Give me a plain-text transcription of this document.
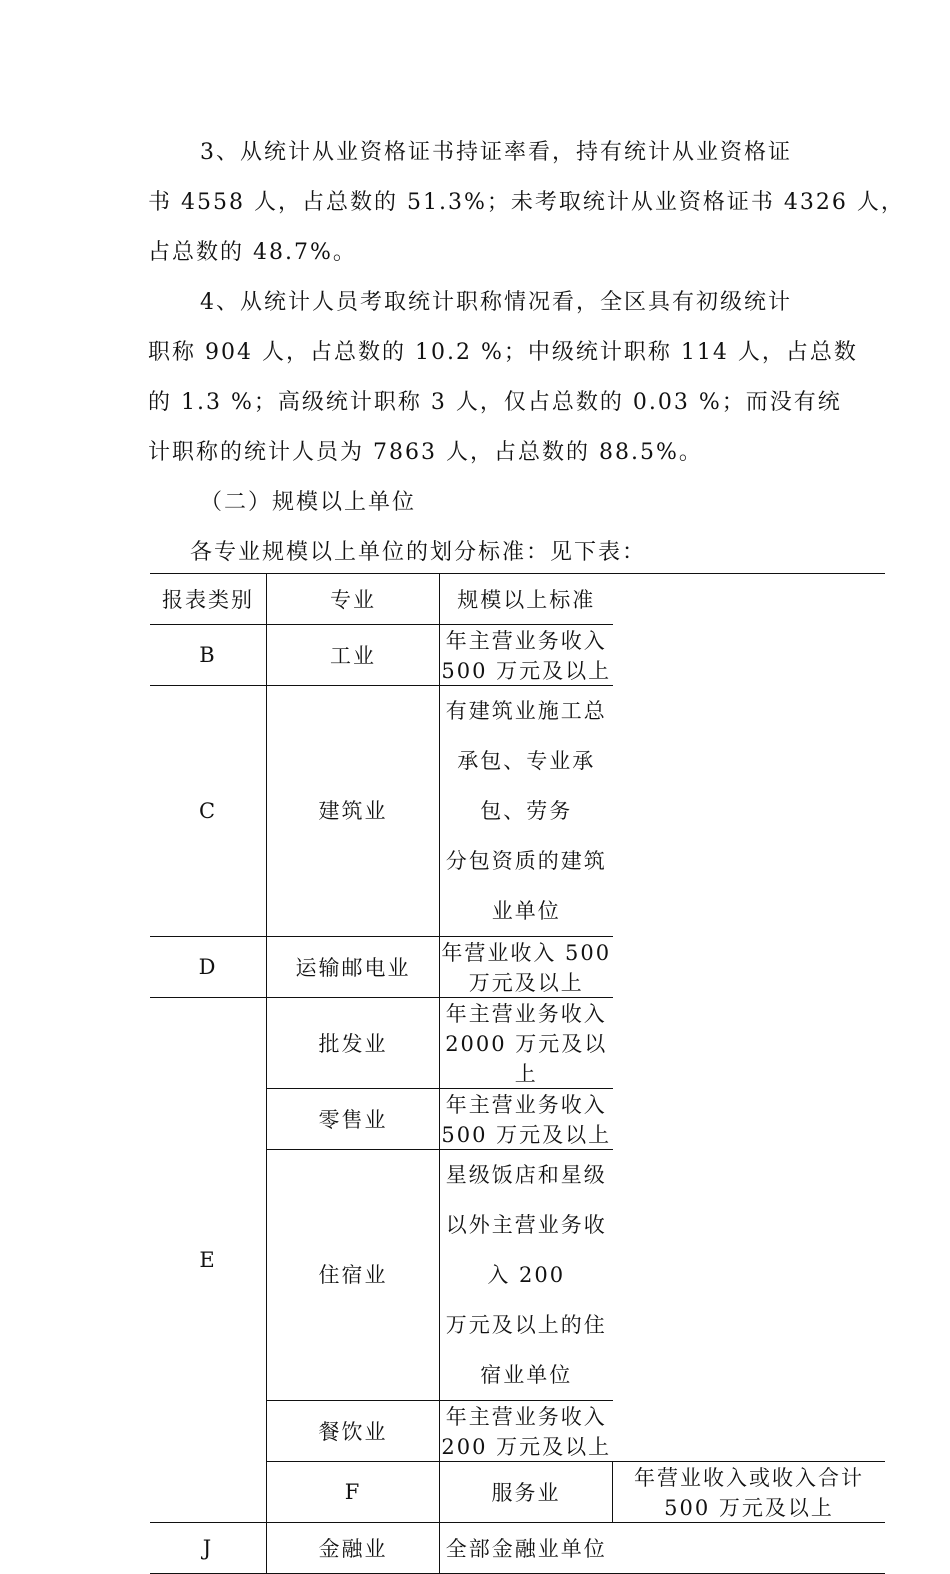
3、从统计从业资格证书持证率看，持有统计从业资格证

书 4558 人，占总数的 51.3%；未考取统计从业资格证书 4326 人，

占总数的 48.7%。

4、从统计人员考取统计职称情况看，全区具有初级统计

职称 904 人，占总数的 10.2 %；中级统计职称 114 人，占总数

的 1.3 %；高级统计职称 3 人，仅占总数的 0.03 %；而没有统

计职称的统计人员为 7863 人，占总数的 88.5%。

（二）规模以上单位

各专业规模以上单位的划分标准：见下表：

报表类别	专业	规模以上标准	
B	工业	年主营业务收入 500 万元及以上	
C	建筑业	有建筑业施工总承包、专业承包、劳务
分包资质的建筑业单位	

D	运输邮电业	年营业收入 500 万元及以上	
E	批发业	年主营业务收入 2000 万元及以上	
	零售业	年主营业务收入 500 万元及以上	
	住宿业	星级饭店和星级以外主营业务收入 200
万元及以上的住宿业单位	

	餐饮业	年主营业务收入 200 万元及以上	
	F	服务业	年营业收入或收入合计 500 万元及以上
J	金融业	全部金融业单位	
